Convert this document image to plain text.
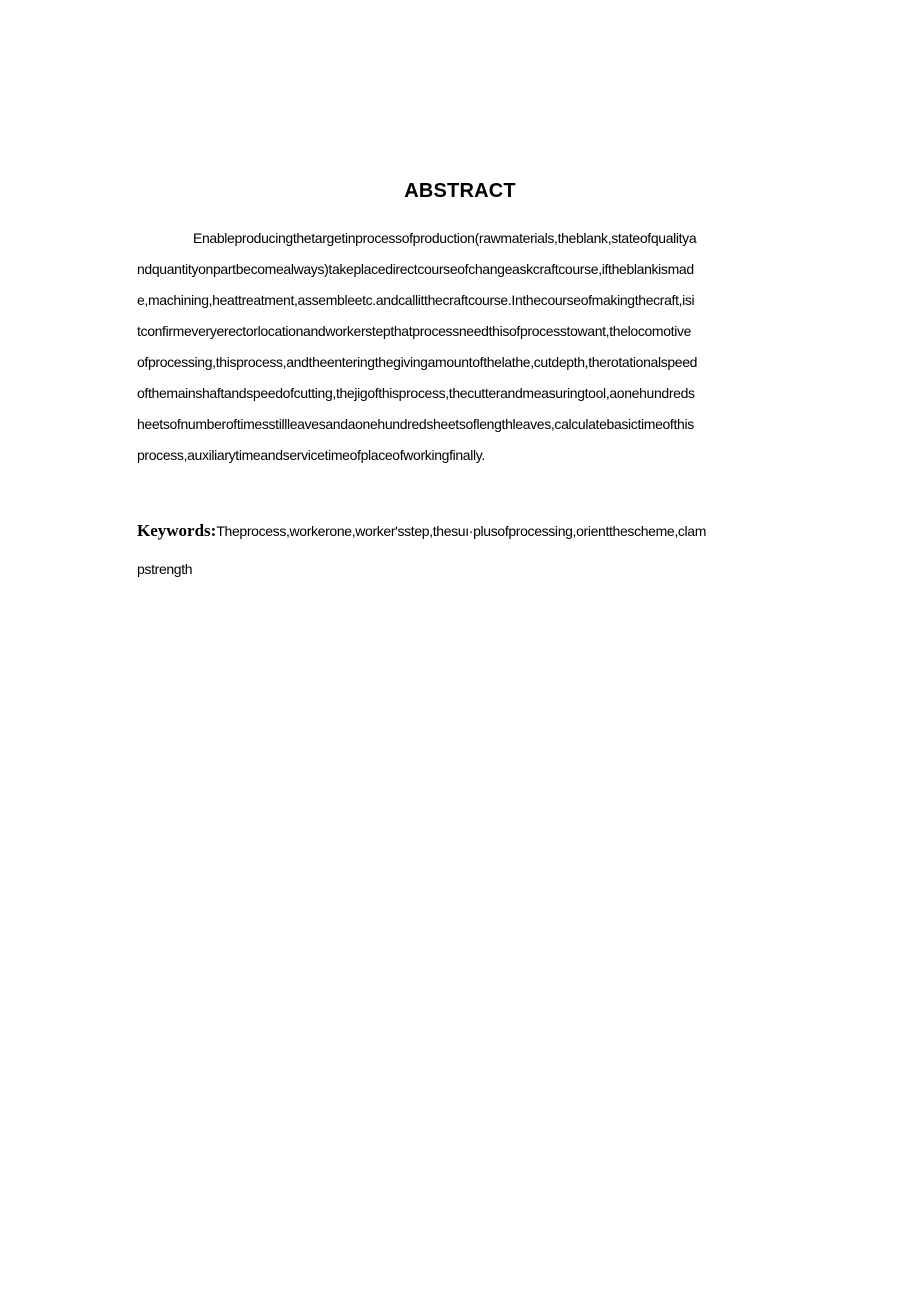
ABSTRACT
Enableproducingthetargetinprocessofproduction(rawmaterials,theblank,stateofqualitya
ndquantityonpartbecomealways)takeplacedirectcourseofchangeaskcraftcourse,iftheblankismad
e,machining,heattreatment,assembleetc.andcallitthecraftcourse.Inthecourseofmakingthecraft,isi
tconfirmeveryerectorlocationandworkerstepthatprocessneedthisofprocesstowant,thelocomotive
ofprocessing,thisprocess,andtheenteringthegivingamountofthelathe,cutdepth,therotationalspeed
ofthemainshaftandspeedofcutting,thejigofthisprocess,thecutterandmeasuringtool,aonehundreds
heetsofnumberoftimesstillleavesandaonehundredsheetsoflengthleaves,calculatebasictimeofthis
process,auxiliarytimeandservicetimeofplaceofworkingfinally.
Keywords:Theprocess,workerone,worker'sstep,thesuı·plusofprocessing,orientthescheme,clam
pstrength
